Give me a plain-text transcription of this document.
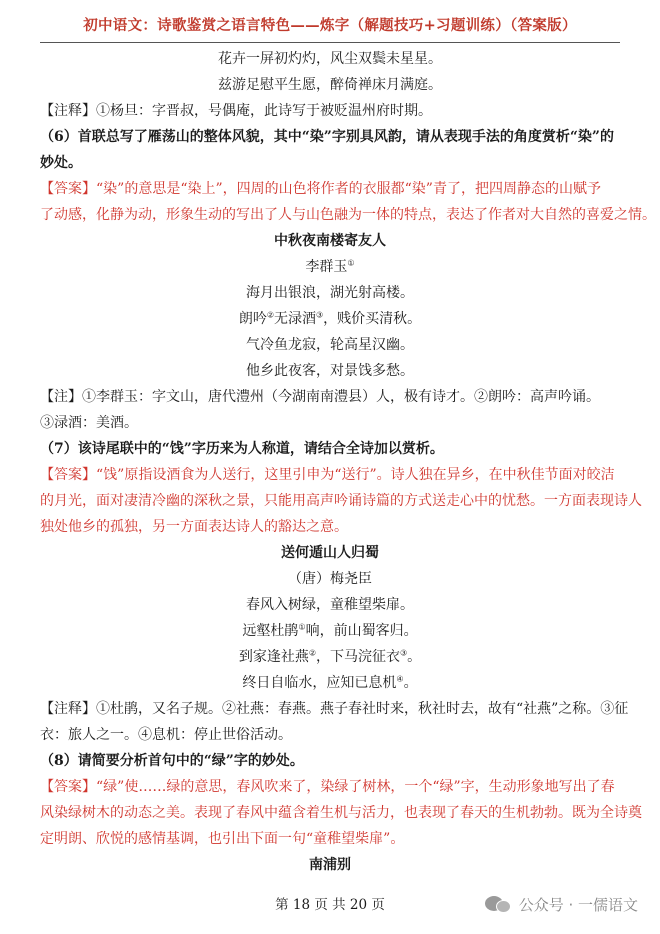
初中语文：诗歌鉴赏之语言特色——炼字（解题技巧+习题训练）（答案版）
花卉一屏初灼灼，风尘双鬓未星星。
兹游足慰平生愿，醉倚禅床月满庭。
【注释】①杨旦：字晋叔，号偶庵，此诗写于被贬温州府时期。
（6）首联总写了雁荡山的整体风貌，其中“染”字别具风韵，请从表现手法的角度赏析“染”的
妙处。
【答案】“染”的意思是“染上”，四周的山色将作者的衣服都“染”青了，把四周静态的山赋予
了动感，化静为动，形象生动的写出了人与山色融为一体的特点，表达了作者对大自然的喜爱之情。
中秋夜南楼寄友人
李群玉①
海月出银浪，湖光射高楼。
朗吟②无渌酒③，贱价买清秋。
气冷鱼龙寂，轮高星汉幽。
他乡此夜客，对景饯多愁。
【注】①李群玉：字文山，唐代澧州（今湖南南澧县）人，极有诗才。②朗吟：高声吟诵。
③渌酒：美酒。
（7）该诗尾联中的“饯”字历来为人称道，请结合全诗加以赏析。
【答案】“饯”原指设酒食为人送行，这里引申为“送行”。诗人独在异乡，在中秋佳节面对皎洁
的月光，面对凄清冷幽的深秋之景，只能用高声吟诵诗篇的方式送走心中的忧愁。一方面表现诗人
独处他乡的孤独，另一方面表达诗人的豁达之意。
送何遁山人归蜀
（唐）梅尧臣
春风入树绿，童稚望柴扉。
远壑杜鹃①响，前山蜀客归。
到家逢社燕②，下马浣征衣③。
终日自临水，应知已息机④。
【注释】①杜鹃，又名子规。②社燕：春燕。燕子春社时来，秋社时去，故有“社燕”之称。③征
衣：旅人之一。④息机：停止世俗活动。
（8）请简要分析首句中的“绿”字的妙处。
【答案】“绿”使……绿的意思，春风吹来了，染绿了树林，一个“绿”字，生动形象地写出了春
风染绿树木的动态之美。表现了春风中蕴含着生机与活力，也表现了春天的生机勃勃。既为全诗奠
定明朗、欣悦的感情基调，也引出下面一句“童稚望柴扉”。
南浦别
第 18 页 共 20 页	公众号 · 一儒语文
